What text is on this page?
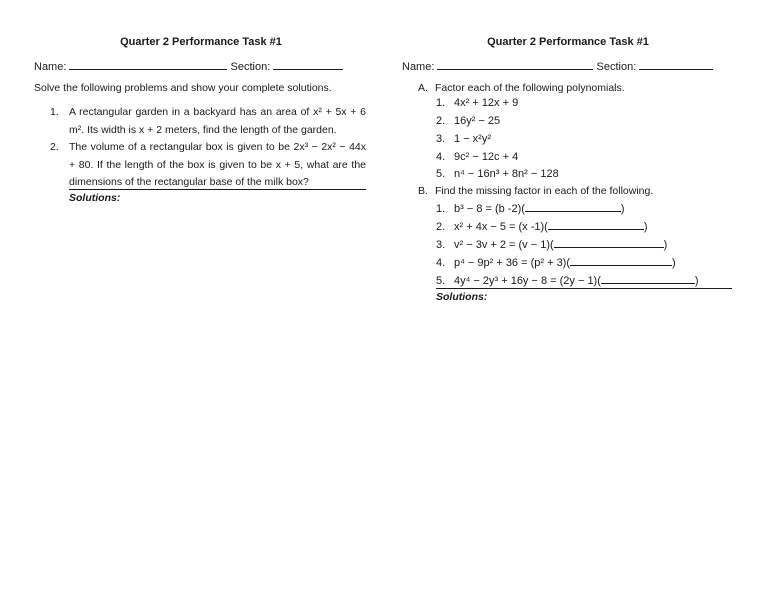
Quarter 2 Performance Task #1
Name:	Section:
Solve the following problems and show your complete solutions.
1. A rectangular garden in a backyard has an area of x² + 5x + 6 m². Its width is x + 2 meters, find the length of the garden.
2. The volume of a rectangular box is given to be 2x³ − 2x² − 44x + 80. If the length of the box is given to be x + 5, what are the dimensions of the rectangular base of the milk box?
Solutions:
Quarter 2 Performance Task #1
Name:	Section:
A. Factor each of the following polynomials.
1. 4x² + 12x + 9
2. 16y² − 25
3. 1 − x²y²
4. 9c² − 12c + 4
5. n⁴ − 16n³ + 8n² − 128
B. Find the missing factor in each of the following.
1. b³ − 8 = (b -2)(	)
2. x² + 4x − 5 = (x -1)(	)
3. v² − 3v + 2 = (v − 1)(	)
4. p⁴ − 9p² + 36 = (p² + 3)(	)
5. 4y⁴ − 2y³ + 16y − 8 = (2y − 1)(	)
Solutions:
